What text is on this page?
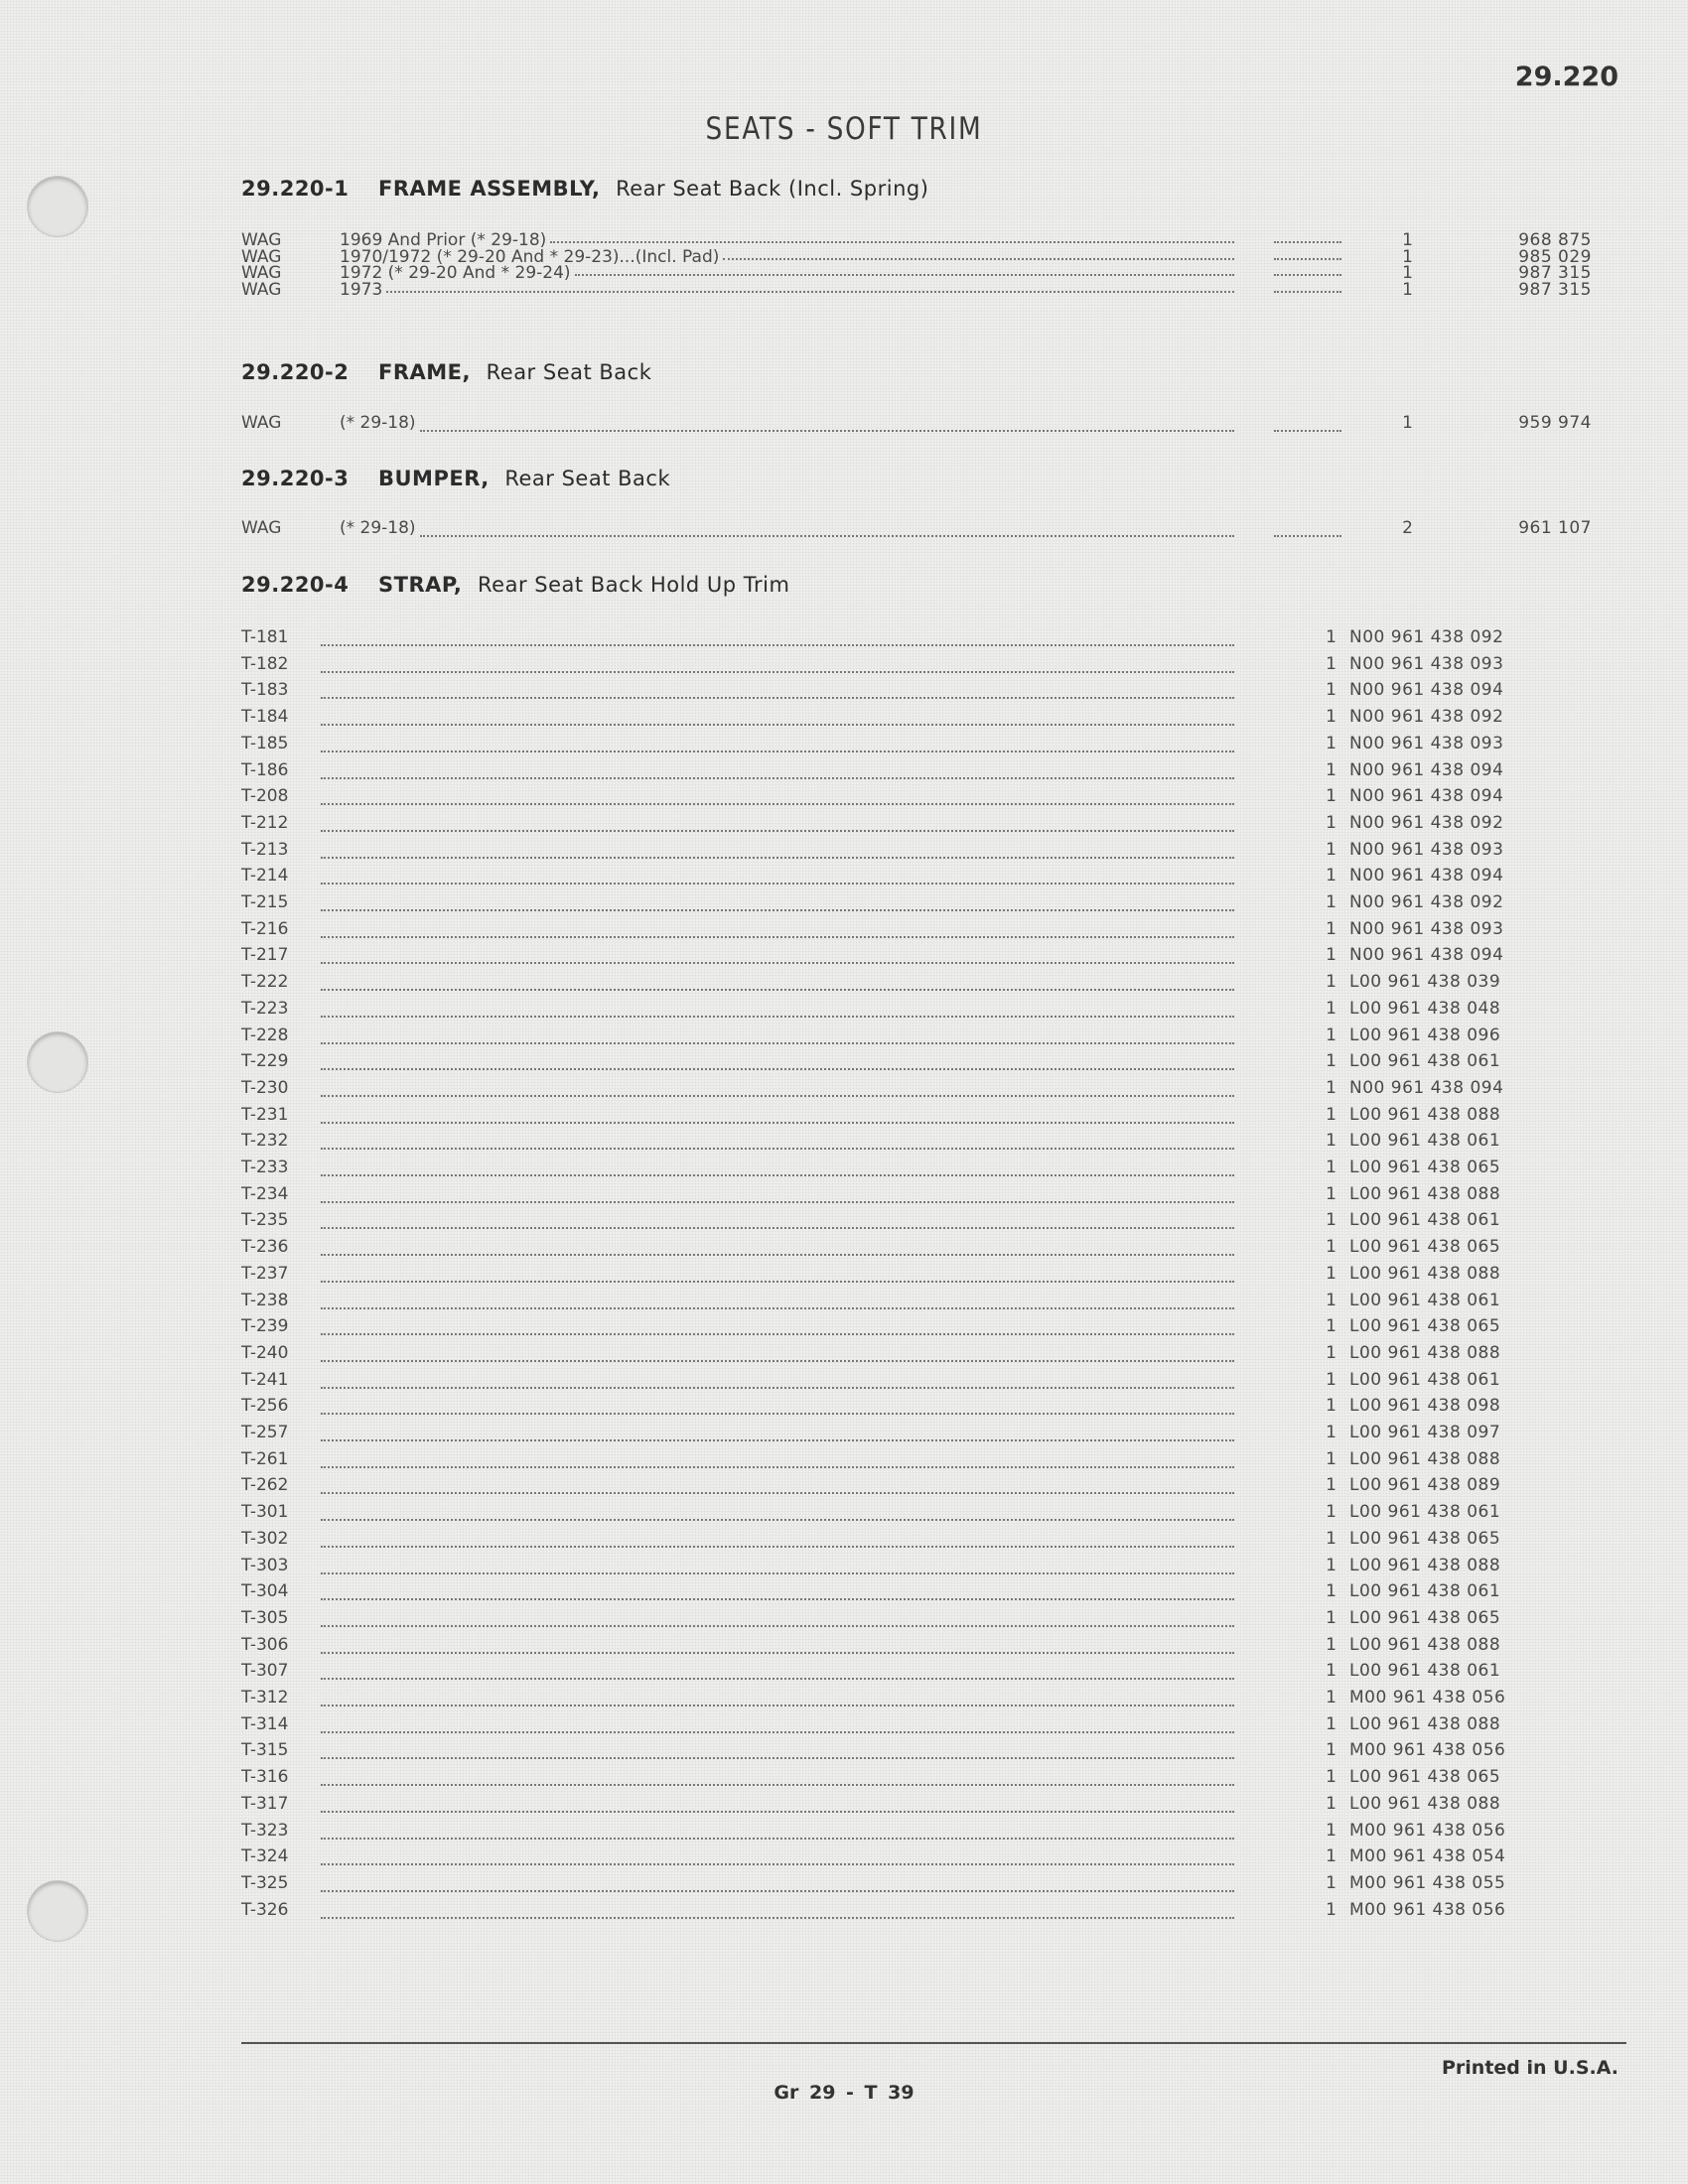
29.220
SEATS - SOFT TRIM
29.220-1 FRAME ASSEMBLY, Rear Seat Back (Incl. Spring)
WAG	1969 And Prior (* 29-18)	1	968 875
WAG	1970/1972 (* 29-20 And * 29-23)...(Incl. Pad)	1	985 029
WAG	1972 (* 29-20 And * 29-24)	1	987 315
WAG	1973	1	987 315
29.220-2 FRAME, Rear Seat Back
WAG	(* 29-18)	1	959 974
29.220-3 BUMPER, Rear Seat Back
WAG	(* 29-18)	2	961 107
29.220-4 STRAP, Rear Seat Back Hold Up Trim
T-181	1 N00 961 438 092
T-182	1 N00 961 438 093
T-183	1 N00 961 438 094
T-184	1 N00 961 438 092
T-185	1 N00 961 438 093
T-186	1 N00 961 438 094
T-208	1 N00 961 438 094
T-212	1 N00 961 438 092
T-213	1 N00 961 438 093
T-214	1 N00 961 438 094
T-215	1 N00 961 438 092
T-216	1 N00 961 438 093
T-217	1 N00 961 438 094
T-222	1 L00 961 438 039
T-223	1 L00 961 438 048
T-228	1 L00 961 438 096
T-229	1 L00 961 438 061
T-230	1 N00 961 438 094
T-231	1 L00 961 438 088
T-232	1 L00 961 438 061
T-233	1 L00 961 438 065
T-234	1 L00 961 438 088
T-235	1 L00 961 438 061
T-236	1 L00 961 438 065
T-237	1 L00 961 438 088
T-238	1 L00 961 438 061
T-239	1 L00 961 438 065
T-240	1 L00 961 438 088
T-241	1 L00 961 438 061
T-256	1 L00 961 438 098
T-257	1 L00 961 438 097
T-261	1 L00 961 438 088
T-262	1 L00 961 438 089
T-301	1 L00 961 438 061
T-302	1 L00 961 438 065
T-303	1 L00 961 438 088
T-304	1 L00 961 438 061
T-305	1 L00 961 438 065
T-306	1 L00 961 438 088
T-307	1 L00 961 438 061
T-312	1 M00 961 438 056
T-314	1 L00 961 438 088
T-315	1 M00 961 438 056
T-316	1 L00 961 438 065
T-317	1 L00 961 438 088
T-323	1 M00 961 438 056
T-324	1 M00 961 438 054
T-325	1 M00 961 438 055
T-326	1 M00 961 438 056
Printed in U.S.A.
Gr 29 - T 39
